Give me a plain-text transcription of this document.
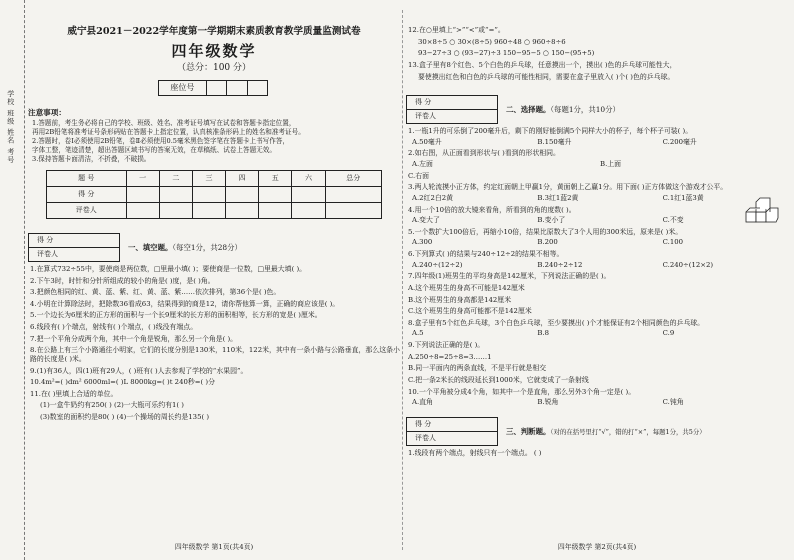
学校 班级 姓名 考号
威宁县2021－2022学年度第一学期期末素质教育教学质量监测试卷
四年级数学
（总分：100 分）
座位号
注意事项：
1.答题前，考生务必将自己的学校、班级、姓名、准考证号填写在试卷和答题卡指定位置，
再用2B铅笔将准考证号条形码贴在答题卡上指定位置，认真核准条形码上的姓名和准考证号。
2.答题时，卷Ⅰ必须使用2B铅笔，卷Ⅱ必须使用0.5毫米黑色签字笔在答题卡上书写作答，
字体工整，笔迹清楚，超出答题区域书写的答案无效，在草稿纸、试卷上答题无效。
3.保持答题卡面清洁，不折叠，不破损。
题 号	一	二	三	四	五	六	总分
得 分							
评卷人							
得 分
评卷人
一、填空题。（每空1分，共28分）
1.在算式732÷55中，要使商是两位数，□里最小填( )；要使商是一位数，□里最大填( )。
2.下午3时，时针和分针所组成的较小的角是( )度，是( )角。
3.把颜色相同的红、黄、蓝、紫、红、黄、蓝、紫……依次排列，第36个是( )色。
4.小明在计算除法时，把除数36看成63，结果得到的商是12，请你帮他算一算，正确的商应该是( )。
5.一个边长为6厘米的正方形的面积与一个长9厘米的长方形的面积相等，长方形的宽是( )厘米。
6.线段有( )个端点，射线有( )个端点，( )线没有端点。
7.把一个平角分成两个角，其中一个角是锐角，那么另一个角是( )。
8.在公路上有三个小路通往小明家，它们的长度分别是130米，110米，122米，其中有一条小路与公路垂直，那么这条小路的长度是( )米。
9.(1)有36人，四(1)班有29人，( )班有( )人去参观了学校的“水果园”。
10.4m²=( )dm² 6000ml=( )L 8000kg=( )t 240秒=( )分
11.在( )里填上合适的单位。
(1)一盒牛奶约有250( ) (2)一大瓶可乐约有1( )
(3)数室的面积约是80( ) (4)一个操场的周长约是135( )
四年级数学 第1页(共4页)
12.在○里填上“>”“<”或“=”。
30×8÷5 ○ 30×(8÷5) 960÷48 ○ 960÷8÷6
93−27÷3 ○ (93−27)÷3 150−95−5 ○ 150−(95+5)
13.盒子里有8个红色、5个白色的乒乓球，任意摸出一个，摸出( )色的乒乓球可能性大，
要使摸出红色和白色的乒乓球的可能性相同，需要在盒子里放入( )个( )色的乒乓球。
得 分
评卷人
二、选择题。（每题1分，共10分）
1.一瓶1升的可乐倒了200毫升后，剩下的刚好能倒满5个同样大小的杯子，每个杯子可装( )。
A.50毫升	B.150毫升	C.200毫升
2.如右图，从正面看到形状与( )看到的形状相同。
A.左面	B.上面
C.右面
3.两人轮流摸小正方体，约定红面朝上甲赢1分，黄面朝上乙赢1分。用下面( )正方体做这个游戏才公平。
A.2红2白2黄	B.3红1蓝2黄	C.1红1蓝3黄
4.用一个10倍的放大镜来看角，所看到的角的度数( )。
A.变大了	B.变小了	C.不变
5.一个数扩大100倍后，再缩小10倍，结果比原数大了3个人用的300米远，原来是( )米。
A.300	B.200	C.100
6.下列算式( )的结果与240÷12÷2的结果不相等。
A.240÷(12÷2)	B.240÷2÷12	C.240÷(12×2)
7.四年级(1)班男生的平均身高是142厘米，下列说法正确的是( )。
A.这个班男生的身高不可能是142厘米
B.这个班男生的身高都是142厘米
C.这个班男生的身高可能都不是142厘米
8.盒子里有5个红色乒乓球，3个白色乒乓球，至少要摸出( )个才能保证有2个相同颜色的乒乓球。
A.5	B.8	C.9
9.下列说法正确的是( )。
A.250÷8=25÷8=3……1
B.同一平面内的两条直线，不是平行就是相交
C.把一条2米长的线段延长到1000米，它就变成了一条射线
10.一个平角被分成4个角，如其中一个是直角，那么另外3个角一定是( )。
A.直角	B.锐角	C.钝角
得 分
评卷人
三、判断题。（对的在括号里打“√”，错的打“×”，每题1分，共5分）
1.线段有两个端点，射线只有一个端点。 ( )
四年级数学 第2页(共4页)
